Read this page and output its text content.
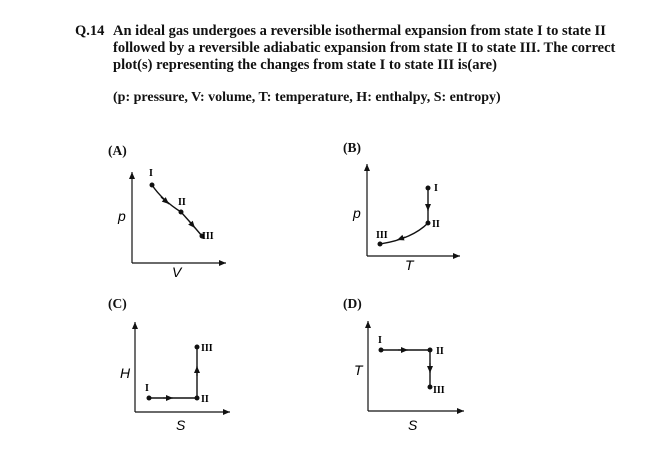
Q.14 An ideal gas undergoes a reversible isothermal expansion from state I to state II
followed by a reversible adiabatic expansion from state II to state III. The correct
plot(s) representing the changes from state I to state III is(are)
(p: pressure, V: volume, T: temperature, H: enthalpy, S: entropy)
(A)	(B)
(C)	(D)
p
V
I
II
III
p
T
I
II
III
H
S
I
II
III
T
S
I
II
III
